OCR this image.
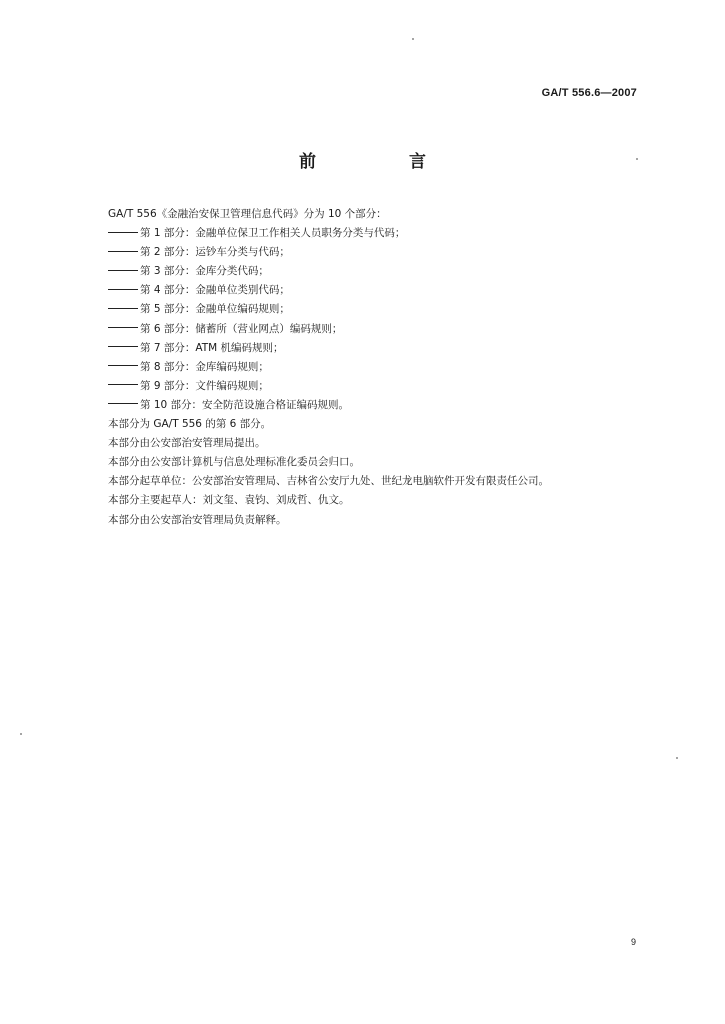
GA/T 556.6—2007
前　言
GA/T 556《金融治安保卫管理信息代码》分为 10 个部分：
第 1 部分：金融单位保卫工作相关人员职务分类与代码；
第 2 部分：运钞车分类与代码；
第 3 部分：金库分类代码；
第 4 部分：金融单位类别代码；
第 5 部分：金融单位编码规则；
第 6 部分：储蓄所（营业网点）编码规则；
第 7 部分：ATM 机编码规则；
第 8 部分：金库编码规则；
第 9 部分：文件编码规则；
第 10 部分：安全防范设施合格证编码规则。
本部分为 GA/T 556 的第 6 部分。
本部分由公安部治安管理局提出。
本部分由公安部计算机与信息处理标准化委员会归口。
本部分起草单位：公安部治安管理局、吉林省公安厅九处、世纪龙电脑软件开发有限责任公司。
本部分主要起草人：刘文玺、袁钧、刘成哲、仇文。
本部分由公安部治安管理局负责解释。
9
